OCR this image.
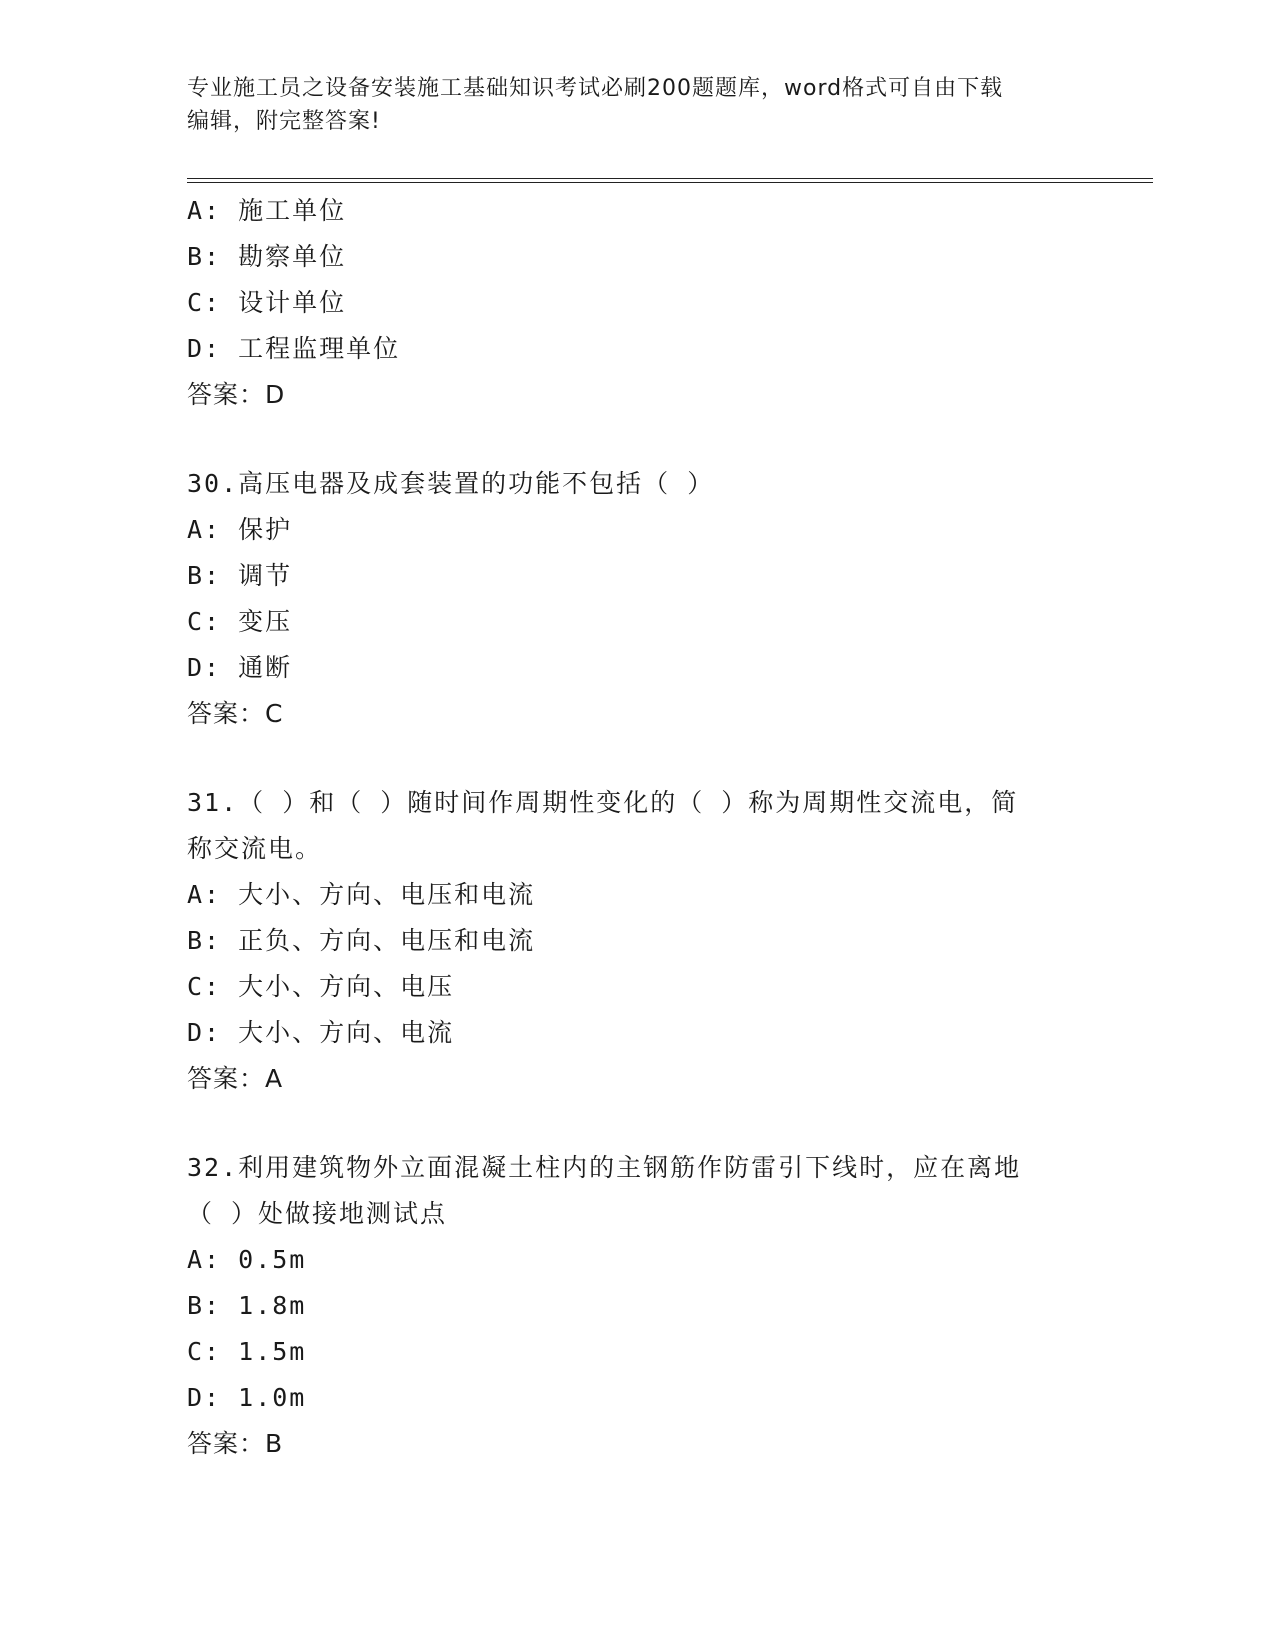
专业施工员之设备安装施工基础知识考试必刷200题题库，word格式可自由下载
编辑，附完整答案!
A: 施工单位
B: 勘察单位
C: 设计单位
D: 工程监理单位
答案：D
30.高压电器及成套装置的功能不包括（ ）
A: 保护
B: 调节
C: 变压
D: 通断
答案：C
31.（ ）和（ ）随时间作周期性变化的（ ）称为周期性交流电，简
称交流电。
A: 大小、方向、电压和电流
B: 正负、方向、电压和电流
C: 大小、方向、电压
D: 大小、方向、电流
答案：A
32.利用建筑物外立面混凝土柱内的主钢筋作防雷引下线时，应在离地
（ ）处做接地测试点
A: 0.5m
B: 1.8m
C: 1.5m
D: 1.0m
答案：B
